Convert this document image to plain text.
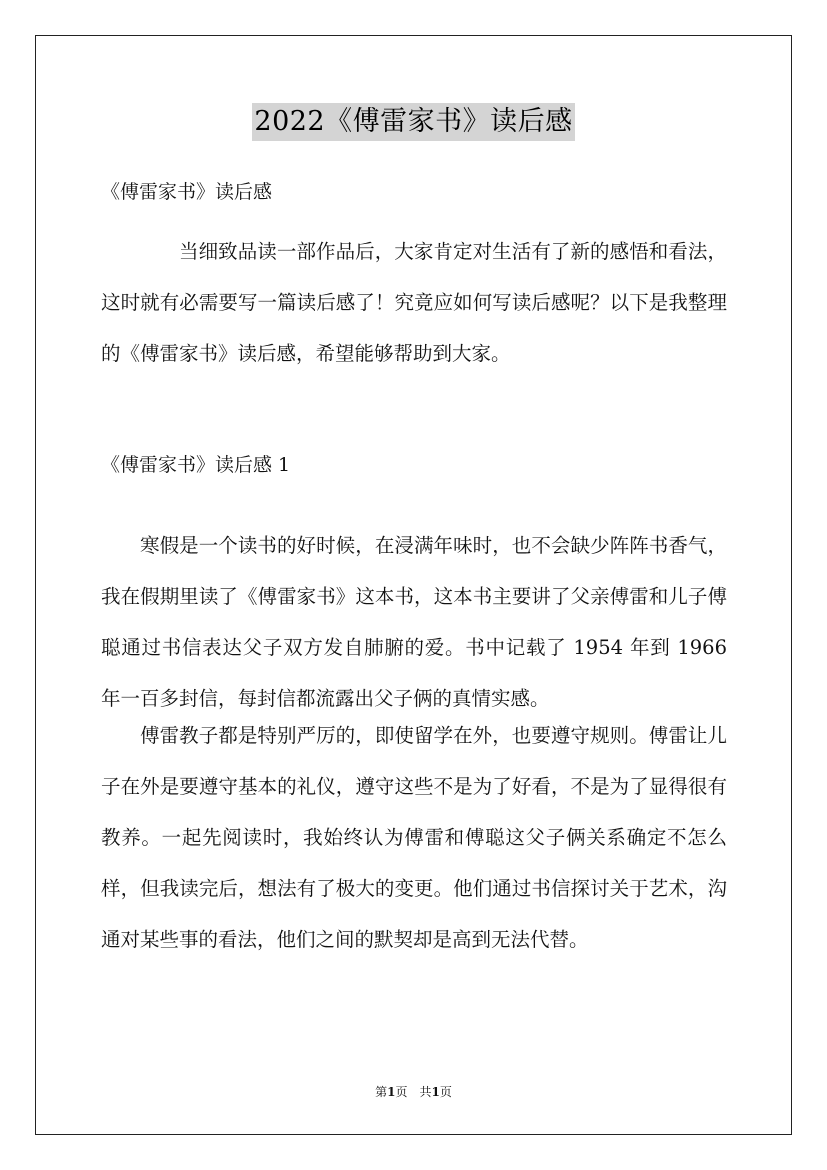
2022《傅雷家书》读后感
《傅雷家书》读后感

当细致品读一部作品后，大家肯定对生活有了新的感悟和看法，这时就有必需要写一篇读后感了！究竟应如何写读后感呢？以下是我整理的《傅雷家书》读后感，希望能够帮助到大家。

《傅雷家书》读后感 1

寒假是一个读书的好时候，在浸满年味时，也不会缺少阵阵书香气，我在假期里读了《傅雷家书》这本书，这本书主要讲了父亲傅雷和儿子傅聪通过书信表达父子双方发自肺腑的爱。书中记载了 1954 年到 1966 年一百多封信，每封信都流露出父子俩的真情实感。

傅雷教子都是特别严厉的，即使留学在外，也要遵守规则。傅雷让儿子在外是要遵守基本的礼仪，遵守这些不是为了好看，不是为了显得很有教养。一起先阅读时，我始终认为傅雷和傅聪这父子俩关系确定不怎么样，但我读完后，想法有了极大的变更。他们通过书信探讨关于艺术，沟通对某些事的看法，他们之间的默契却是高到无法代替。

第1页　共1页
